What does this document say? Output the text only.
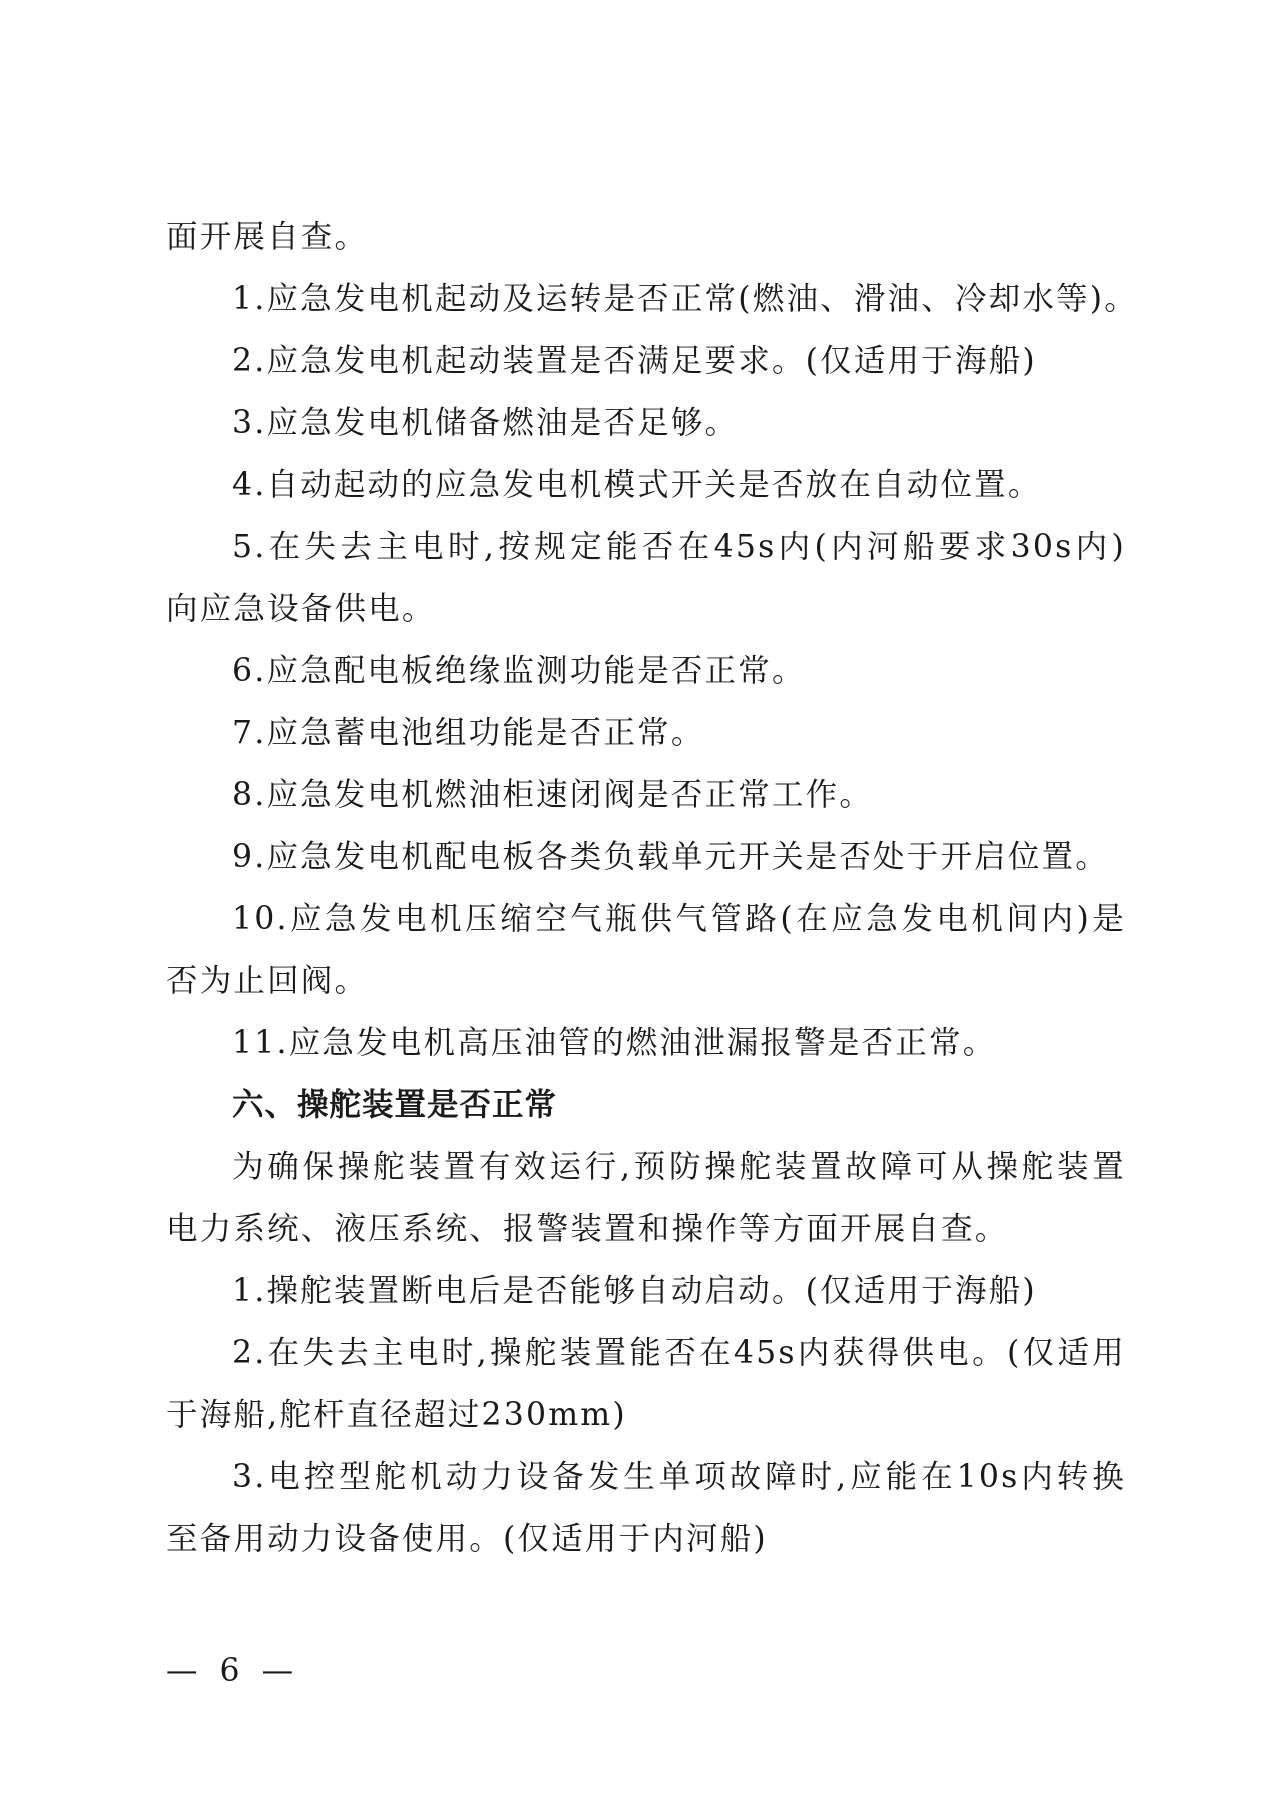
面开展自查。
1.应急发电机起动及运转是否正常(燃油、滑油、冷却水等)。
2.应急发电机起动装置是否满足要求。(仅适用于海船)
3.应急发电机储备燃油是否足够。
4.自动起动的应急发电机模式开关是否放在自动位置。
5.在失去主电时,按规定能否在45s内(内河船要求30s内)
向应急设备供电。
6.应急配电板绝缘监测功能是否正常。
7.应急蓄电池组功能是否正常。
8.应急发电机燃油柜速闭阀是否正常工作。
9.应急发电机配电板各类负载单元开关是否处于开启位置。
10.应急发电机压缩空气瓶供气管路(在应急发电机间内)是
否为止回阀。
11.应急发电机高压油管的燃油泄漏报警是否正常。
六、操舵装置是否正常
为确保操舵装置有效运行,预防操舵装置故障可从操舵装置
电力系统、液压系统、报警装置和操作等方面开展自查。
1.操舵装置断电后是否能够自动启动。(仅适用于海船)
2.在失去主电时,操舵装置能否在45s内获得供电。(仅适用
于海船,舵杆直径超过230mm)
3.电控型舵机动力设备发生单项故障时,应能在10s内转换
至备用动力设备使用。(仅适用于内河船)
— 6 —
